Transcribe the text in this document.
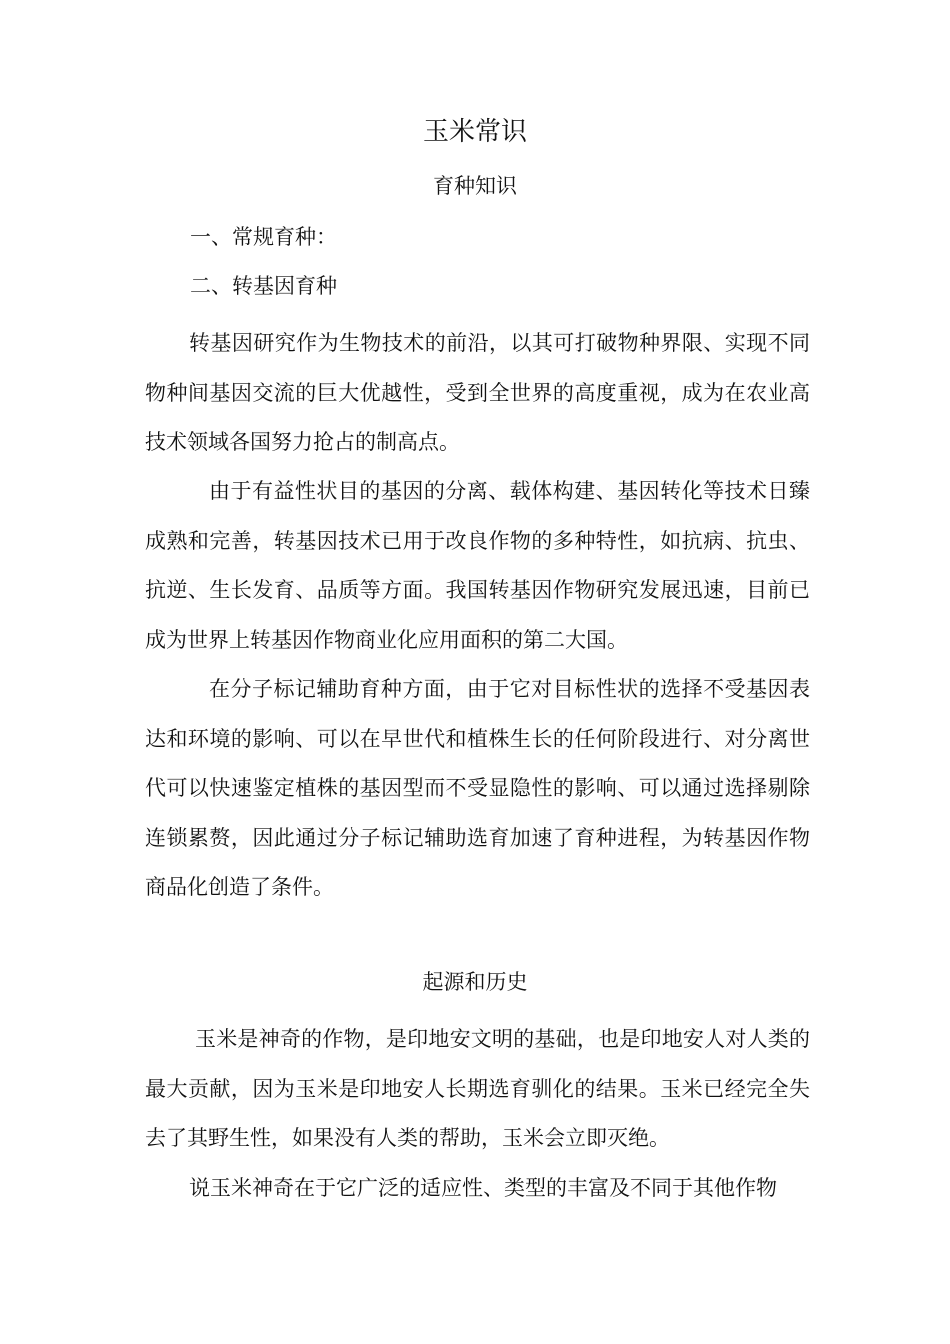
玉米常识
育种知识

一、常规育种：

二、转基因育种

转基因研究作为生物技术的前沿，以其可打破物种界限、实现不同物种间基因交流的巨大优越性，受到全世界的高度重视，成为在农业高技术领域各国努力抢占的制高点。

由于有益性状目的基因的分离、载体构建、基因转化等技术日臻成熟和完善，转基因技术已用于改良作物的多种特性，如抗病、抗虫、抗逆、生长发育、品质等方面。我国转基因作物研究发展迅速，目前已成为世界上转基因作物商业化应用面积的第二大国。

在分子标记辅助育种方面，由于它对目标性状的选择不受基因表达和环境的影响、可以在早世代和植株生长的任何阶段进行、对分离世代可以快速鉴定植株的基因型而不受显隐性的影响、可以通过选择剔除连锁累赘，因此通过分子标记辅助选育加速了育种进程，为转基因作物商品化创造了条件。

起源和历史

玉米是神奇的作物，是印地安文明的基础，也是印地安人对人类的最大贡献，因为玉米是印地安人长期选育驯化的结果。玉米已经完全失去了其野生性，如果没有人类的帮助，玉米会立即灭绝。

说玉米神奇在于它广泛的适应性、类型的丰富及不同于其他作物
